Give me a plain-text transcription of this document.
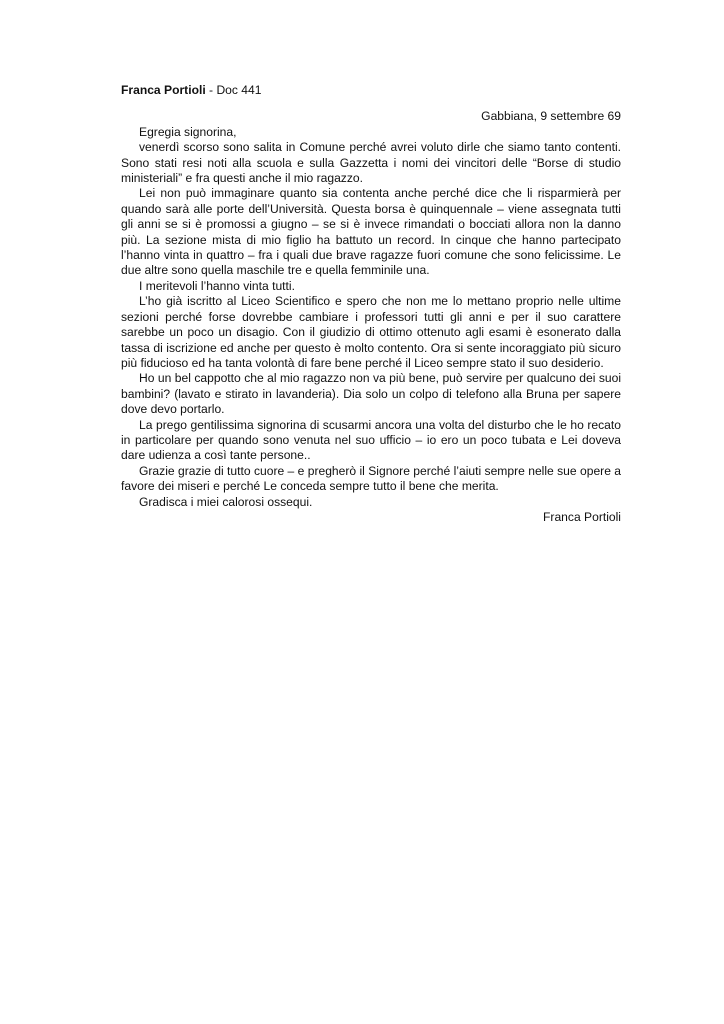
Franca Portioli - Doc 441

Gabbiana, 9 settembre 69

Egregia signorina,

venerdì scorso sono salita in Comune perché avrei voluto dirle che siamo tanto contenti. Sono stati resi noti alla scuola e sulla Gazzetta i nomi dei vincitori delle “Borse di studio ministeriali” e fra questi anche il mio ragazzo.

Lei non può immaginare quanto sia contenta anche perché dice che li risparmierà per quando sarà alle porte dell’Università. Questa borsa è quinquennale – viene assegnata tutti gli anni se si è promossi a giugno – se si è invece rimandati o bocciati allora non la danno più. La sezione mista di mio figlio ha battuto un record. In cinque che hanno partecipato l’hanno vinta in quattro – fra i quali due brave ragazze fuori comune che sono felicissime. Le due altre sono quella maschile tre e quella femminile una.

I meritevoli l’hanno vinta tutti.

L’ho già iscritto al Liceo Scientifico e spero che non me lo mettano proprio nelle ultime sezioni perché forse dovrebbe cambiare i professori tutti gli anni e per il suo carattere sarebbe un poco un disagio. Con il giudizio di ottimo ottenuto agli esami è esonerato dalla tassa di iscrizione ed anche per questo è molto contento. Ora si sente incoraggiato più sicuro più fiducioso ed ha tanta volontà di fare bene perché il Liceo sempre stato il suo desiderio.

Ho un bel cappotto che al mio ragazzo non va più bene, può servire per qualcuno dei suoi bambini? (lavato e stirato in lavanderia). Dia solo un colpo di telefono alla Bruna per sapere dove devo portarlo.

La prego gentilissima signorina di scusarmi ancora una volta del disturbo che le ho recato in particolare per quando sono venuta nel suo ufficio – io ero un poco tubata e Lei doveva dare udienza a così tante persone..

Grazie grazie di tutto cuore – e pregherò il Signore perché l’aiuti sempre nelle sue opere a favore dei miseri e perché Le conceda sempre tutto il bene che merita.

Gradisca i miei calorosi ossequi.

Franca Portioli
